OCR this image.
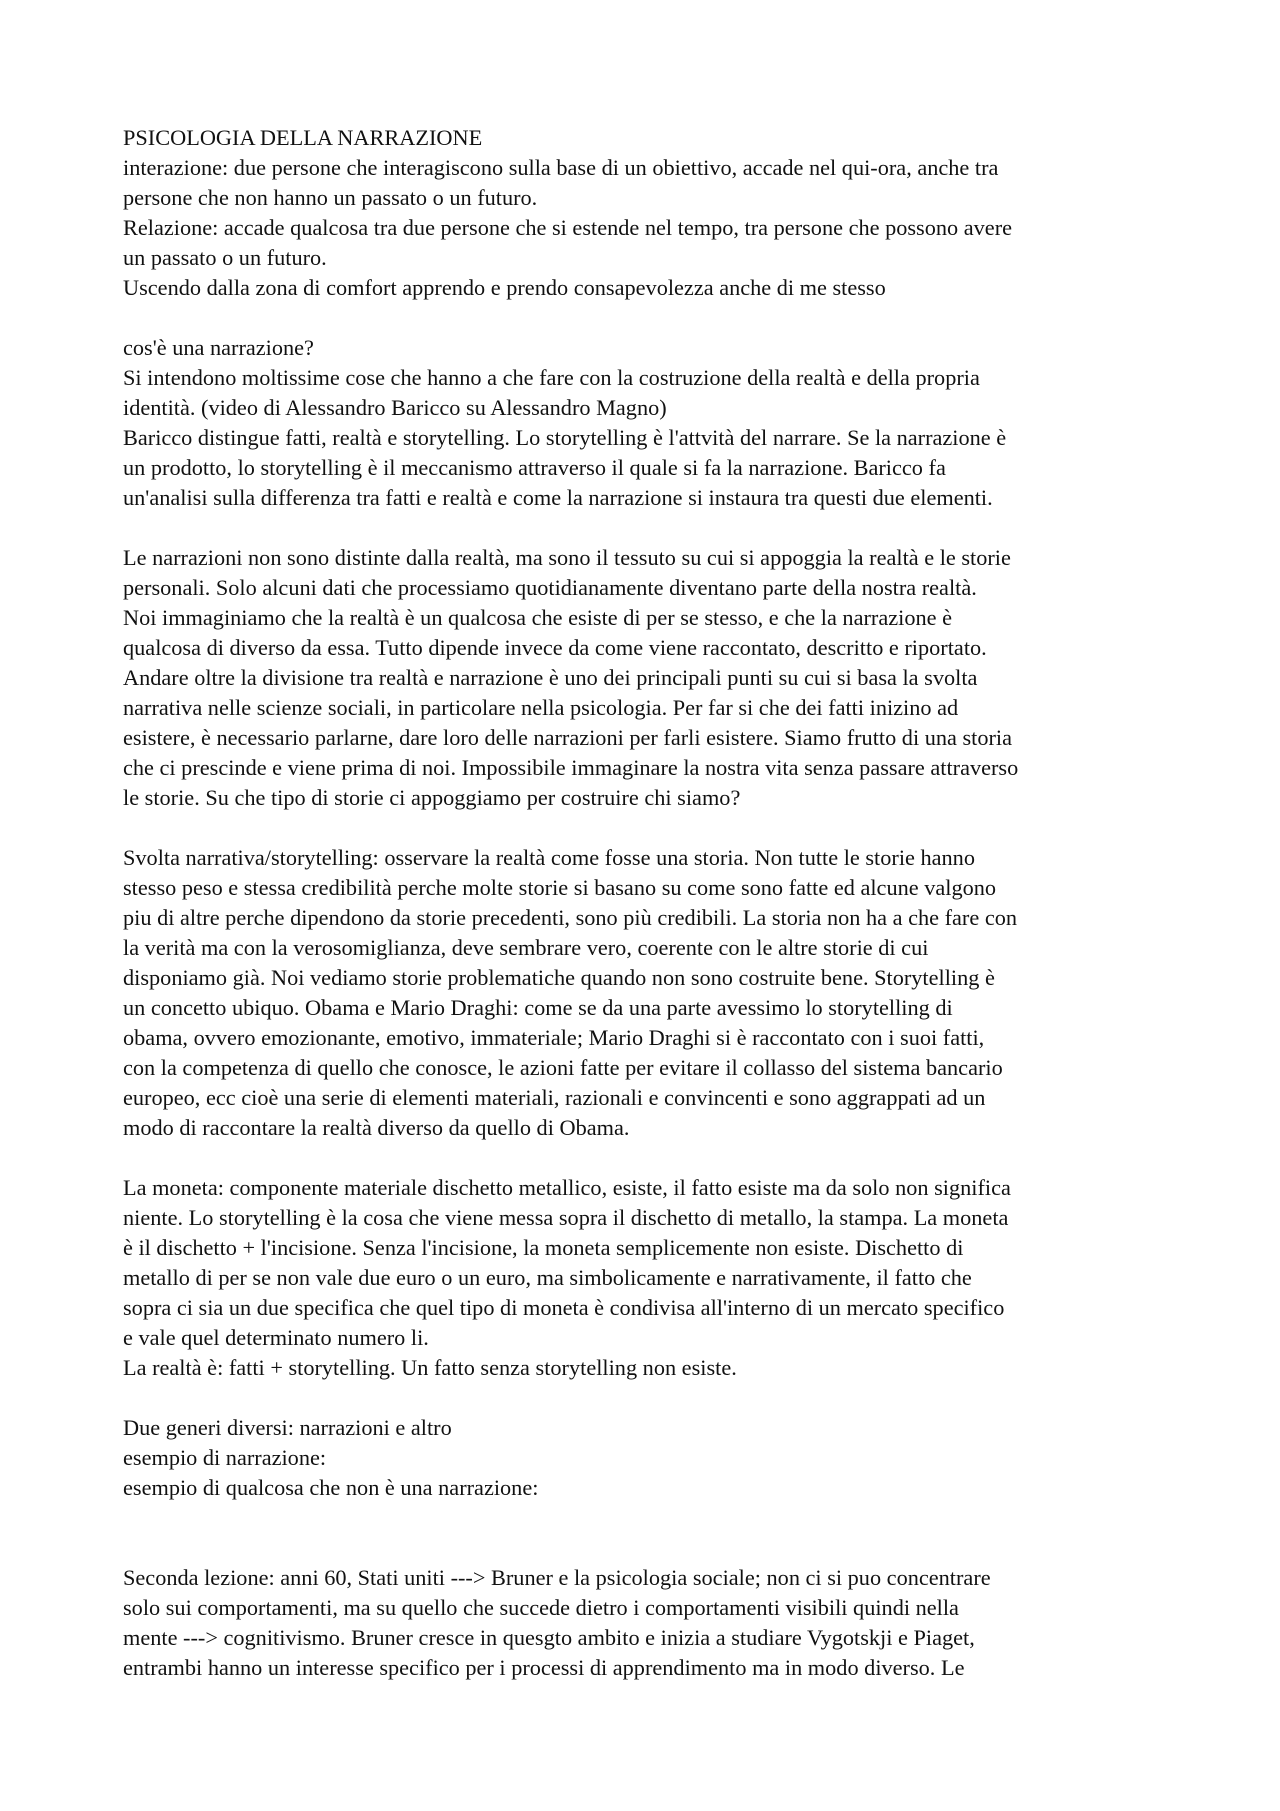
PSICOLOGIA DELLA NARRAZIONE
interazione: due persone che interagiscono sulla base di un obiettivo, accade nel qui-ora, anche tra
persone che non hanno un passato o un futuro.
Relazione: accade qualcosa tra due persone che si estende nel tempo, tra persone che possono avere
un passato o un futuro.
Uscendo dalla zona di comfort apprendo e prendo consapevolezza anche di me stesso
cos'è una narrazione?
Si intendono moltissime cose che hanno a che fare con la costruzione della realtà e della propria
identità. (video di Alessandro Baricco su Alessandro Magno)
Baricco distingue fatti, realtà e storytelling. Lo storytelling è l'attvità del narrare. Se la narrazione è
un prodotto, lo storytelling è il meccanismo attraverso il quale si fa la narrazione. Baricco fa
un'analisi sulla differenza tra fatti e realtà e come la narrazione si instaura tra questi due elementi.
Le narrazioni non sono distinte dalla realtà, ma sono il tessuto su cui si appoggia la realtà e le storie
personali. Solo alcuni dati che processiamo quotidianamente diventano parte della nostra realtà.
Noi immaginiamo che la realtà è un qualcosa che esiste di per se stesso, e che la narrazione è
qualcosa di diverso da essa. Tutto dipende invece da come viene raccontato, descritto e riportato.
Andare oltre la divisione tra realtà e narrazione è uno dei principali punti su cui si basa la svolta
narrativa nelle scienze sociali, in particolare nella psicologia. Per far si che dei fatti inizino ad
esistere, è necessario parlarne, dare loro delle narrazioni per farli esistere. Siamo frutto di una storia
che ci prescinde e viene prima di noi. Impossibile immaginare la nostra vita senza passare attraverso
le storie. Su che tipo di storie ci appoggiamo per costruire chi siamo?
Svolta narrativa/storytelling: osservare la realtà come fosse una storia. Non tutte le storie hanno
stesso peso e stessa credibilità perche molte storie si basano su come sono fatte ed alcune valgono
piu di altre perche dipendono da storie precedenti, sono più credibili. La storia non ha a che fare con
la verità ma con la verosomiglianza, deve sembrare vero, coerente con le altre storie di cui
disponiamo già. Noi vediamo storie problematiche quando non sono costruite bene. Storytelling è
un concetto ubiquo. Obama e Mario Draghi: come se da una parte avessimo lo storytelling di
obama, ovvero emozionante, emotivo, immateriale; Mario Draghi si è raccontato con i suoi fatti,
con la competenza di quello che conosce, le azioni fatte per evitare il collasso del sistema bancario
europeo, ecc cioè una serie di elementi materiali, razionali e convincenti e sono aggrappati ad un
modo di raccontare la realtà diverso da quello di Obama.
La moneta: componente materiale dischetto metallico, esiste, il fatto esiste ma da solo non significa
niente. Lo storytelling è la cosa che viene messa sopra il dischetto di metallo, la stampa. La moneta
è il dischetto + l'incisione. Senza l'incisione, la moneta semplicemente non esiste. Dischetto di
metallo di per se non vale due euro o un euro, ma simbolicamente e narrativamente, il fatto che
sopra ci sia un due specifica che quel tipo di moneta è condivisa all'interno di un mercato specifico
e vale quel determinato numero li.
La realtà è: fatti + storytelling. Un fatto senza storytelling non esiste.
Due generi diversi: narrazioni e altro
esempio di narrazione:
esempio di qualcosa che non è una narrazione:
Seconda lezione: anni 60, Stati uniti ---> Bruner e la psicologia sociale; non ci si puo concentrare
solo sui comportamenti, ma su quello che succede dietro i comportamenti visibili quindi nella
mente ---> cognitivismo. Bruner cresce in quesgto ambito e inizia a studiare Vygotskji e Piaget,
entrambi hanno un interesse specifico per i processi di apprendimento ma in modo diverso. Le
